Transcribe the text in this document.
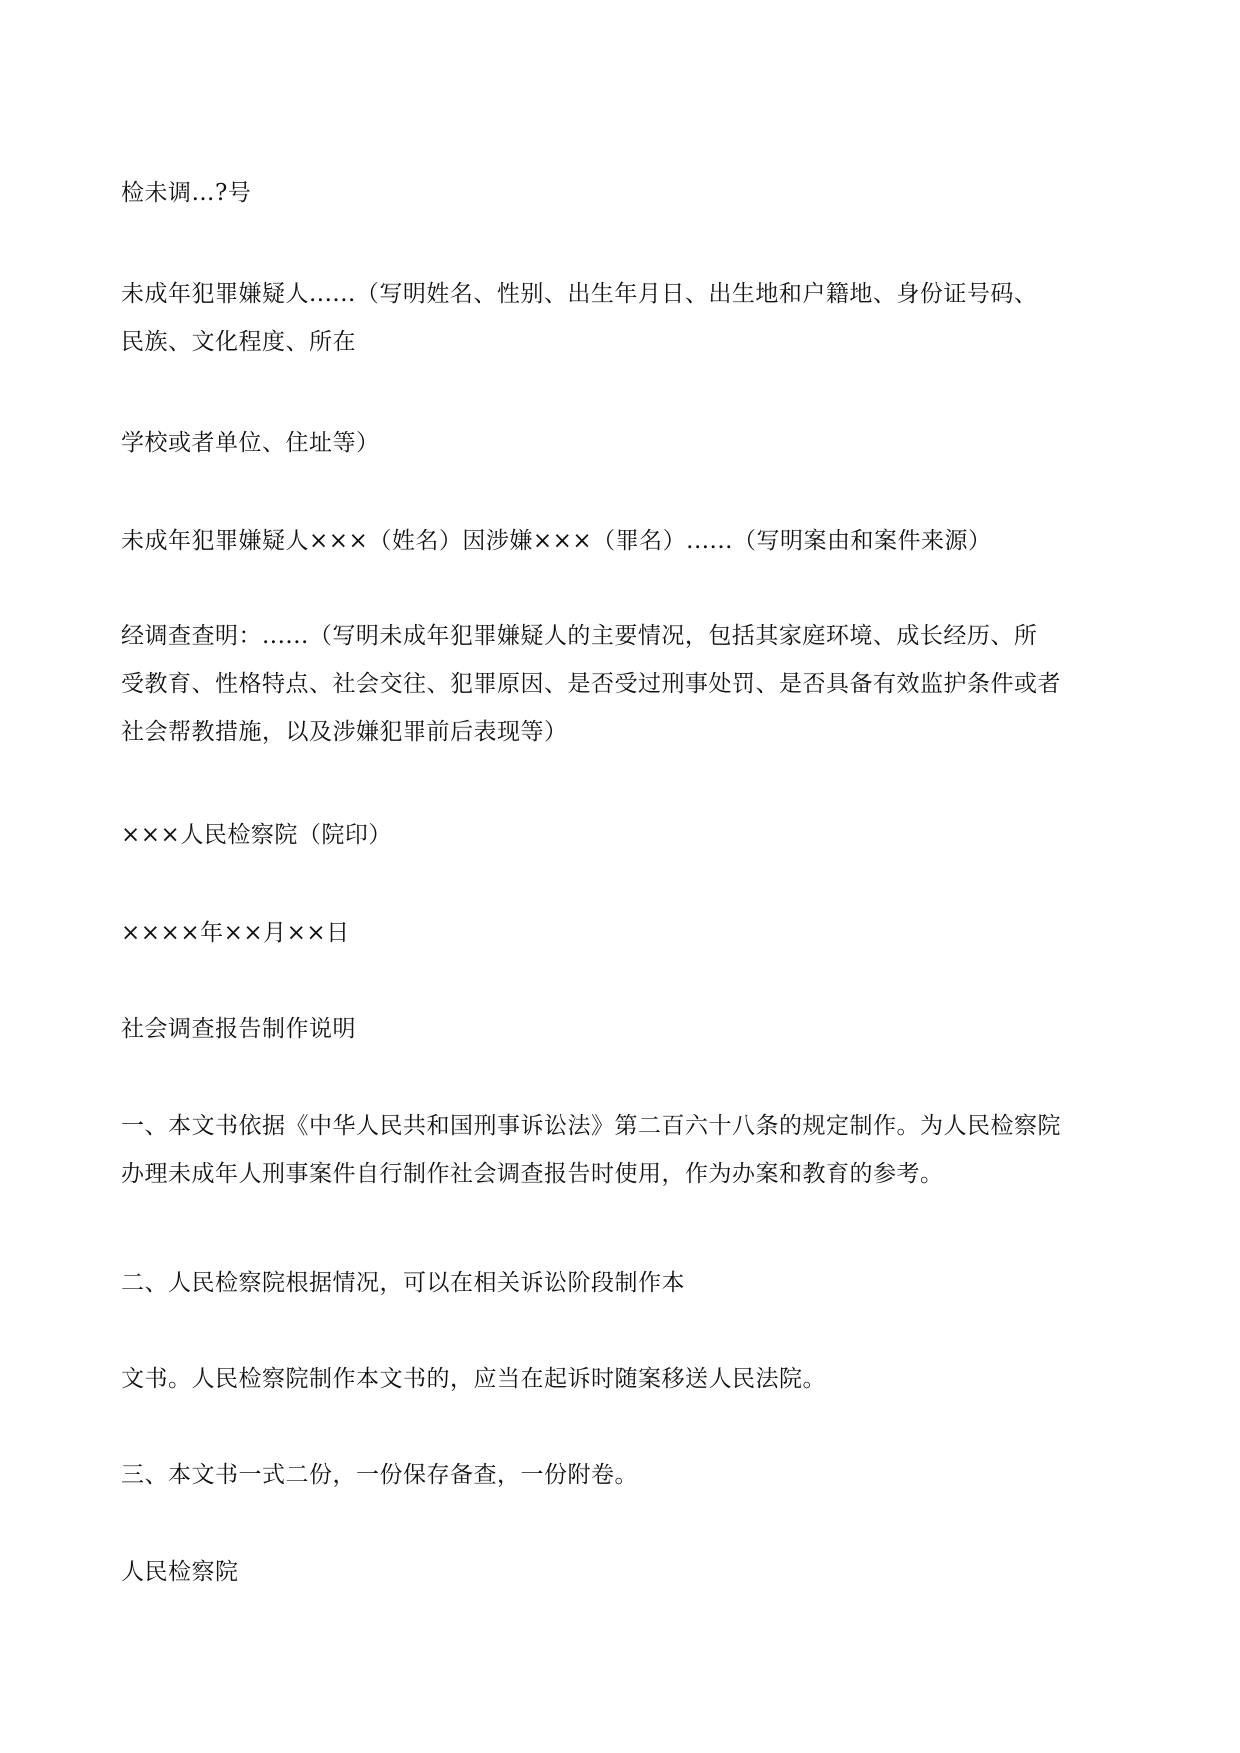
检未调…?号

未成年犯罪嫌疑人......（写明姓名、性别、出生年月日、出生地和户籍地、身份证号码、

民族、文化程度、所在

学校或者单位、住址等）

未成年犯罪嫌疑人×××（姓名）因涉嫌×××（罪名）......（写明案由和案件来源）

经调查查明：......（写明未成年犯罪嫌疑人的主要情况，包括其家庭环境、成长经历、所

受教育、性格特点、社会交往、犯罪原因、是否受过刑事处罚、是否具备有效监护条件或者

社会帮教措施，以及涉嫌犯罪前后表现等）

×××人民检察院（院印）

××××年××月××日

社会调查报告制作说明

一、本文书依据《中华人民共和国刑事诉讼法》第二百六十八条的规定制作。为人民检察院

办理未成年人刑事案件自行制作社会调查报告时使用，作为办案和教育的参考。

二、人民检察院根据情况，可以在相关诉讼阶段制作本

文书。人民检察院制作本文书的，应当在起诉时随案移送人民法院。

三、本文书一式二份，一份保存备查，一份附卷。

人民检察院
